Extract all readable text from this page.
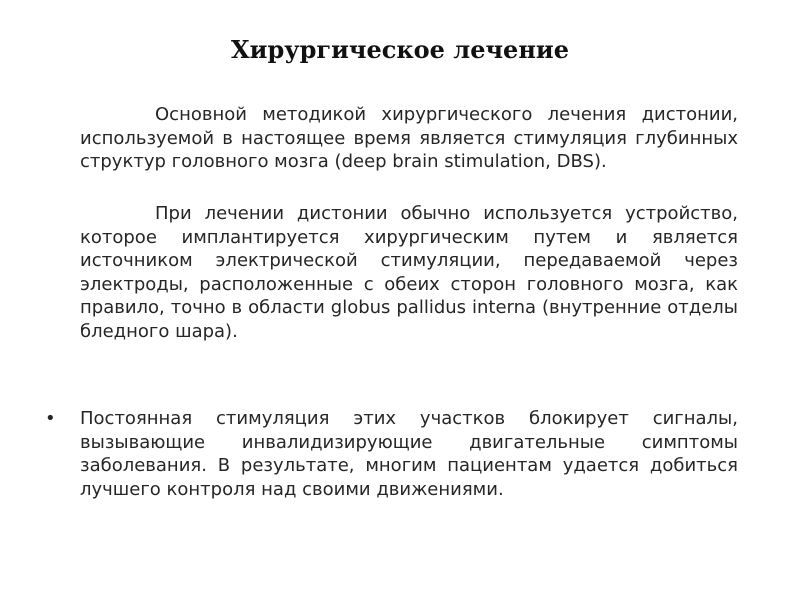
Хирургическое лечение

Основной методикой хирургического лечения дистонии, используемой в настоящее время является стимуляция глубинных структур головного мозга (deep brain stimulation, DBS).

При лечении дистонии обычно используется устройство, которое имплантируется хирургическим путем и является источником электрической стимуляции, передаваемой через электроды, расположенные с обеих сторон головного мозга, как правило, точно в области globus pallidus interna (внутренние отделы бледного шара).

• Постоянная стимуляция этих участков блокирует сигналы, вызывающие инвалидизирующие двигательные симптомы заболевания. В результате, многим пациентам удается добиться лучшего контроля над своими движениями.
